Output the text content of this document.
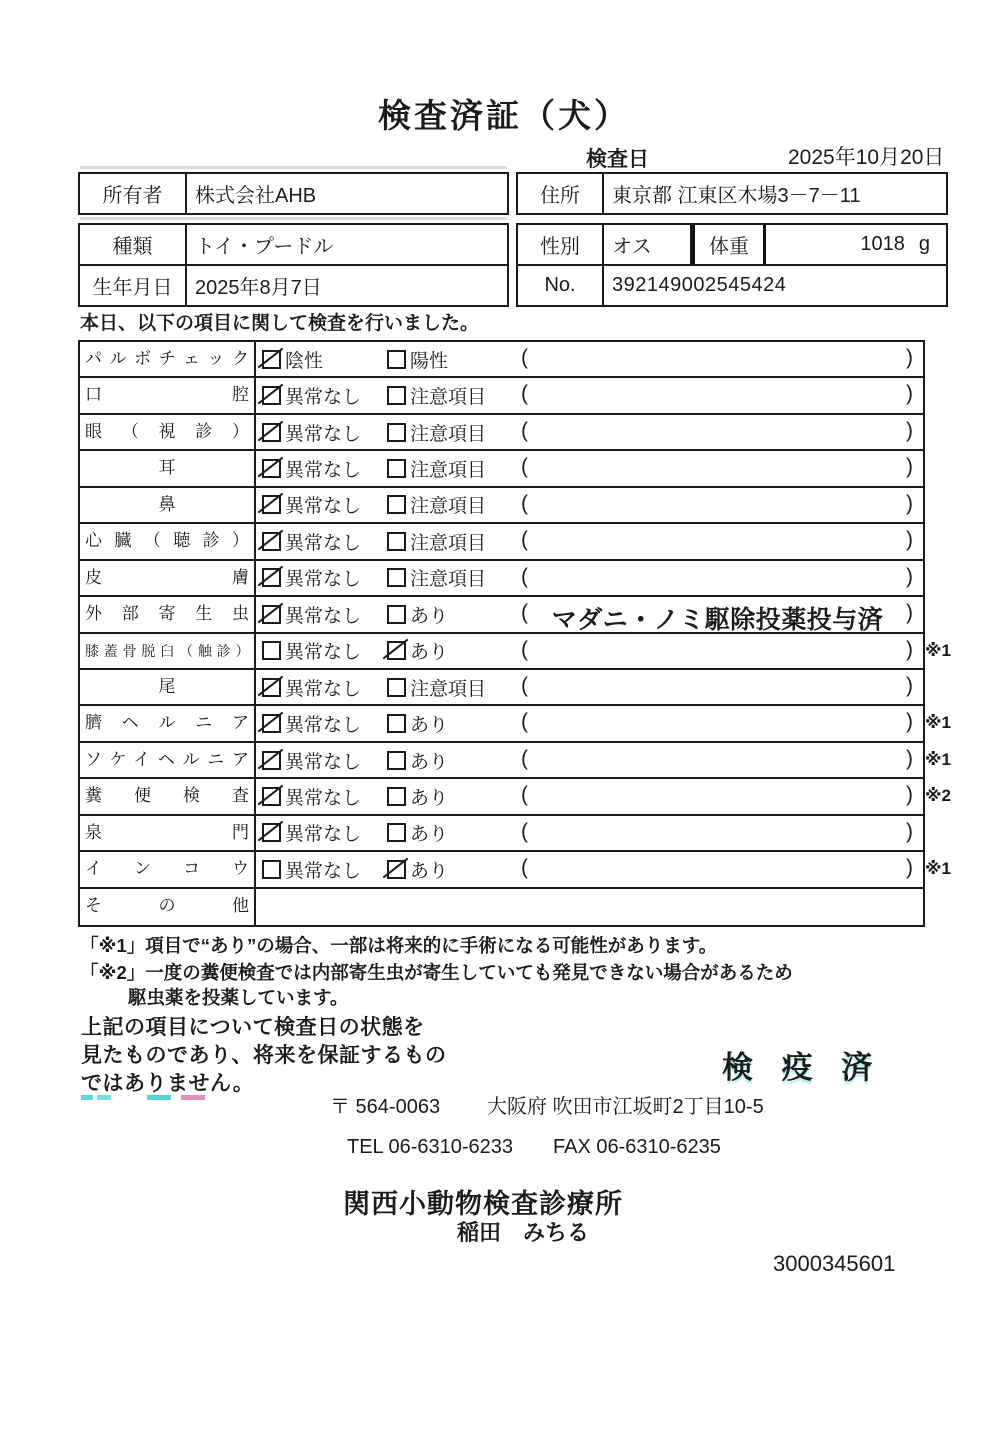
検査済証（犬）
検査日	2025年10月20日
所有者	株式会社AHB	住所	東京都 江東区木場3－7－11
種類	トイ・プードル
生年月日	2025年8月7日
性別	オス	体重	1018 g
No.	392149002545424
本日、以下の項目に関して検査を行いました。
パルボチェック	陰性	陽性	(	)
口腔	異常なし	注意項目 (	)
眼（視診）	異常なし	注意項目 (	)
耳	異常なし	注意項目 (	)
鼻	異常なし	注意項目 (	)
心臓（聴診）	異常なし	注意項目 (	)
皮膚	異常なし	注意項目 (	)
外部寄生虫	異常なし	あり	( マダニ・ノミ駆除投薬投与済	)
膝蓋骨脱臼（触診）	異常なし	あり	(	) ※1
尾	異常なし	注意項目 (	)
臍ヘルニア	異常なし	あり	(	) ※1
ソケイヘルニア	異常なし	あり	(	) ※1
糞便検査	異常なし	あり	(	) ※2
泉門	異常なし	あり	(	)
インコウ	異常なし	あり	(	) ※1
その他
「※1」項目で“あり”の場合、一部は将来的に手術になる可能性があります。
「※2」一度の糞便検査では内部寄生虫が寄生していても発見できない場合があるため
駆虫薬を投薬しています。
上記の項目について検査日の状態を
見たものであり、将来を保証するもの
ではありません。	検 疫 済
〒 564-0063 大阪府 吹田市江坂町2丁目10-5
TEL 06-6310-6233 FAX 06-6310-6235
関西小動物検査診療所
稲田　みちる
3000345601
